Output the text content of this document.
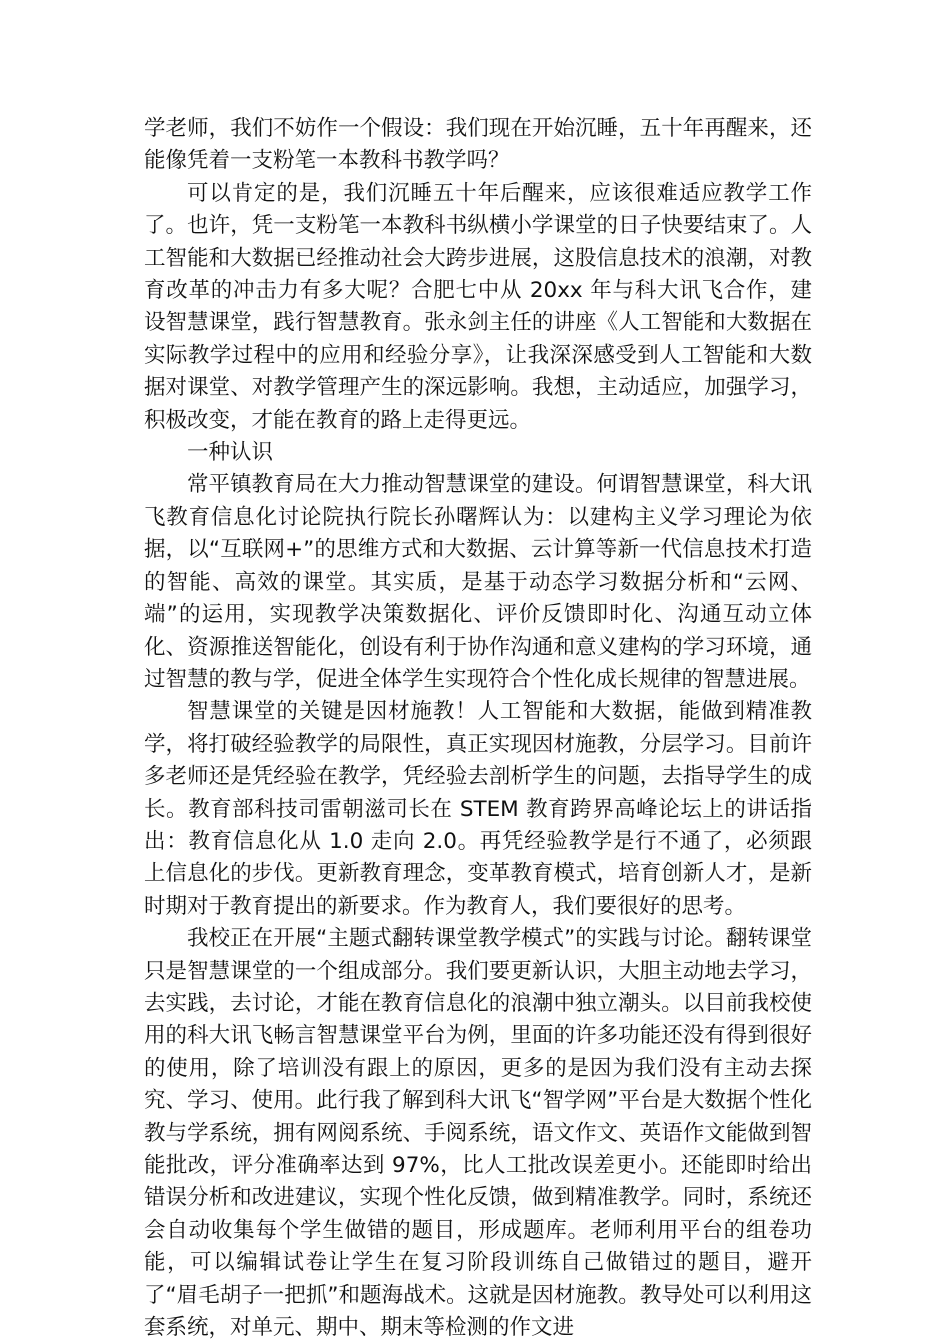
学老师，我们不妨作一个假设：我们现在开始沉睡，五十年再醒来，还能像凭着一支粉笔一本教科书教学吗？

可以肯定的是，我们沉睡五十年后醒来，应该很难适应教学工作了。也许，凭一支粉笔一本教科书纵横小学课堂的日子快要结束了。人工智能和大数据已经推动社会大跨步进展，这股信息技术的浪潮，对教育改革的冲击力有多大呢？合肥七中从 20xx 年与科大讯飞合作，建设智慧课堂，践行智慧教育。张永剑主任的讲座《人工智能和大数据在实际教学过程中的应用和经验分享》，让我深深感受到人工智能和大数据对课堂、对教学管理产生的深远影响。我想，主动适应，加强学习，积极改变，才能在教育的路上走得更远。

一种认识

常平镇教育局在大力推动智慧课堂的建设。何谓智慧课堂，科大讯飞教育信息化讨论院执行院长孙曙辉认为：以建构主义学习理论为依据，以“互联网+”的思维方式和大数据、云计算等新一代信息技术打造的智能、高效的课堂。其实质，是基于动态学习数据分析和“云网、端”的运用，实现教学决策数据化、评价反馈即时化、沟通互动立体化、资源推送智能化，创设有利于协作沟通和意义建构的学习环境，通过智慧的教与学，促进全体学生实现符合个性化成长规律的智慧进展。

智慧课堂的关键是因材施教！人工智能和大数据，能做到精准教学，将打破经验教学的局限性，真正实现因材施教，分层学习。目前许多老师还是凭经验在教学，凭经验去剖析学生的问题，去指导学生的成长。教育部科技司雷朝滋司长在 STEM 教育跨界高峰论坛上的讲话指出：教育信息化从 1.0 走向 2.0。再凭经验教学是行不通了，必须跟上信息化的步伐。更新教育理念，变革教育模式，培育创新人才，是新时期对于教育提出的新要求。作为教育人，我们要很好的思考。

我校正在开展“主题式翻转课堂教学模式”的实践与讨论。翻转课堂只是智慧课堂的一个组成部分。我们要更新认识，大胆主动地去学习，去实践，去讨论，才能在教育信息化的浪潮中独立潮头。以目前我校使用的科大讯飞畅言智慧课堂平台为例，里面的许多功能还没有得到很好的使用，除了培训没有跟上的原因，更多的是因为我们没有主动去探究、学习、使用。此行我了解到科大讯飞“智学网”平台是大数据个性化教与学系统，拥有网阅系统、手阅系统，语文作文、英语作文能做到智能批改，评分准确率达到 97%，比人工批改误差更小。还能即时给出错误分析和改进建议，实现个性化反馈，做到精准教学。同时，系统还会自动收集每个学生做错的题目，形成题库。老师利用平台的组卷功能，可以编辑试卷让学生在复习阶段训练自己做错过的题目，避开了“眉毛胡子一把抓”和题海战术。这就是因材施教。教导处可以利用这套系统，对单元、期中、期末等检测的作文进
